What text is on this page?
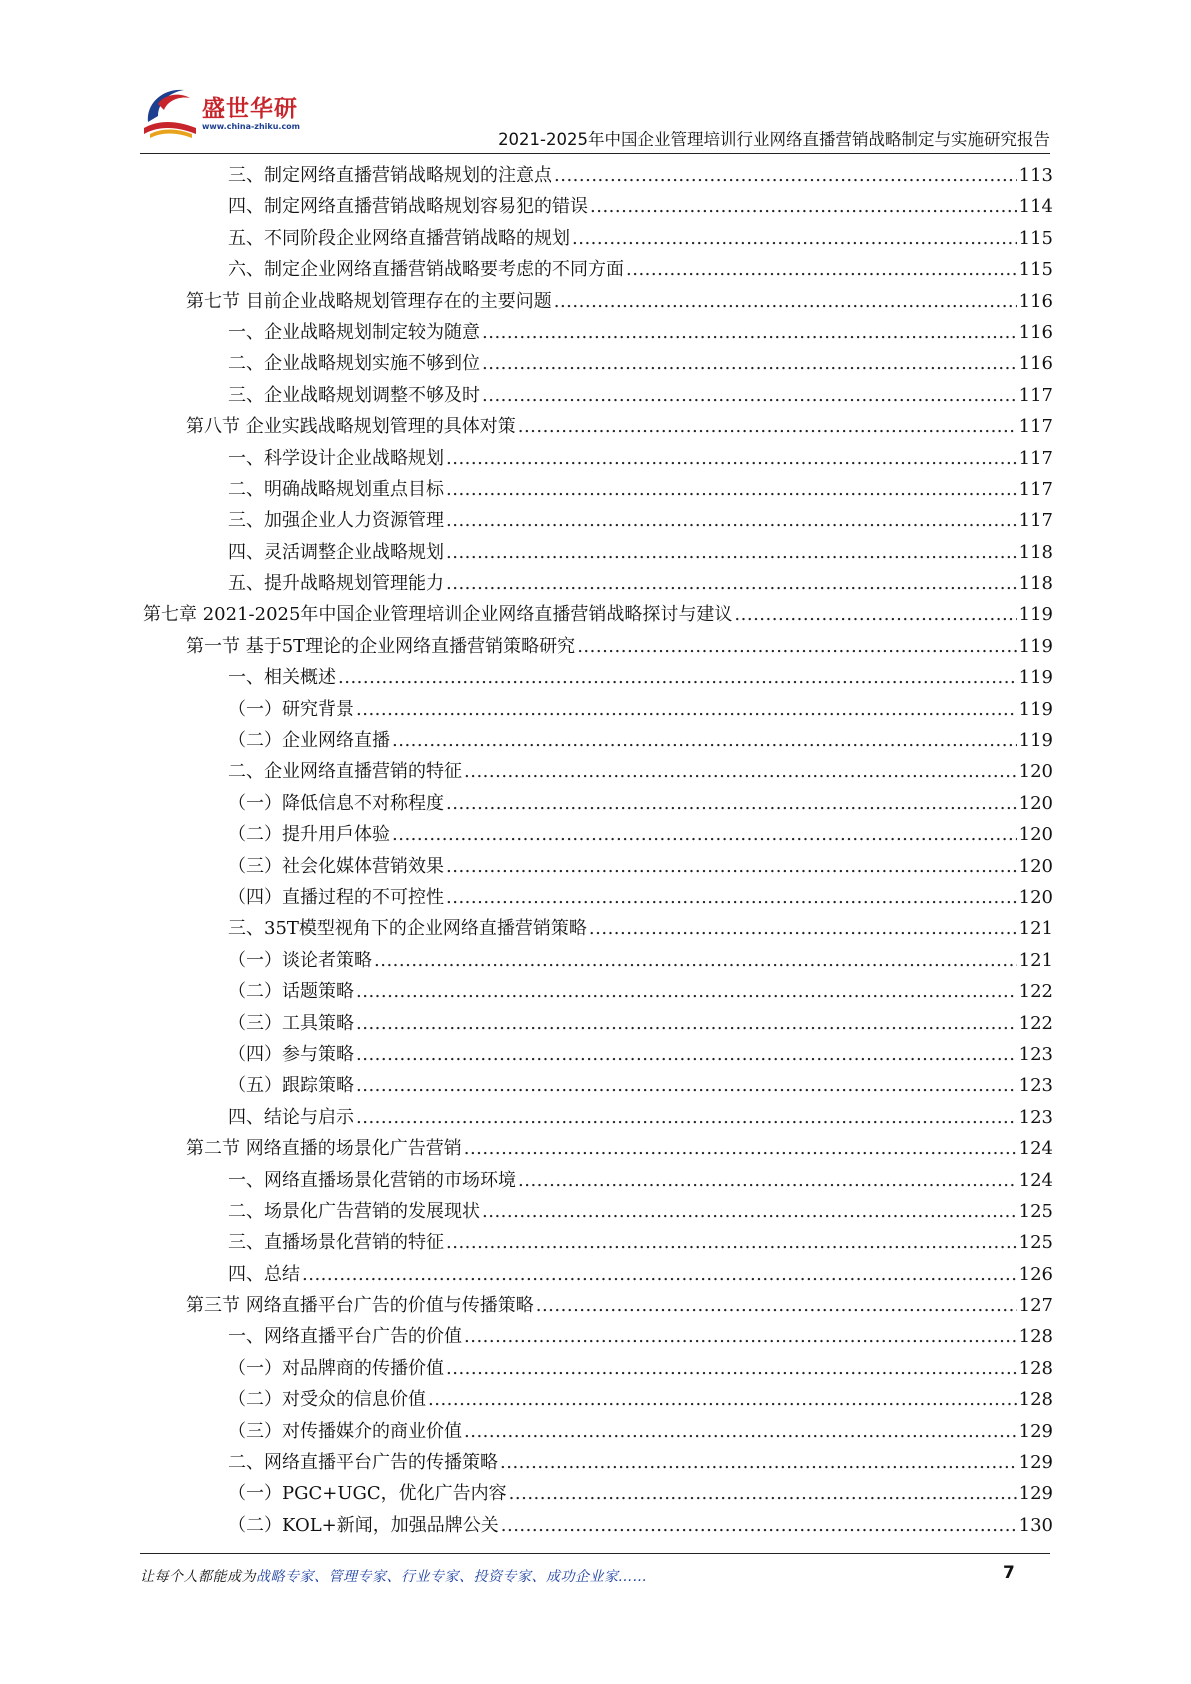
盛世华研
www.china-zhiku.com
2021-2025年中国企业管理培训行业网络直播营销战略制定与实施研究报告
三、制定网络直播营销战略规划的注意点 .....	113
四、制定网络直播营销战略规划容易犯的错误 .....	114
五、不同阶段企业网络直播营销战略的规划 .....	115
六、制定企业网络直播营销战略要考虑的不同方面 .....	115
第七节 目前企业战略规划管理存在的主要问题 .....	116
一、企业战略规划制定较为随意 .....	116
二、企业战略规划实施不够到位 .....	116
三、企业战略规划调整不够及时 .....	117
第八节 企业实践战略规划管理的具体对策 .....	117
一、科学设计企业战略规划 .....	117
二、明确战略规划重点目标 .....	117
三、加强企业人力资源管理 .....	117
四、灵活调整企业战略规划 .....	118
五、提升战略规划管理能力 .....	118
第七章 2021-2025年中国企业管理培训企业网络直播营销战略探讨与建议 .....	119
第一节 基于5T理论的企业网络直播营销策略研究 .....	119
一、相关概述 .....	119
（一）研究背景 .....	119
（二）企业网络直播 .....	119
二、企业网络直播营销的特征 .....	120
（一）降低信息不对称程度 .....	120
（二）提升用戶体验 .....	120
（三）社会化媒体营销效果 .....	120
（四）直播过程的不可控性 .....	120
三、35T模型视角下的企业网络直播营销策略 .....	121
（一）谈论者策略 .....	121
（二）话题策略 .....	122
（三）工具策略 .....	122
（四）参与策略 .....	123
（五）跟踪策略 .....	123
四、结论与启示 .....	123
第二节 网络直播的场景化广告营销 .....	124
一、网络直播场景化营销的市场环境 .....	124
二、场景化广告营销的发展现状 .....	125
三、直播场景化营销的特征 .....	125
四、总结 .....	126
第三节 网络直播平台广告的价值与传播策略 .....	127
一、网络直播平台广告的价值 .....	128
（一）对品牌商的传播价值 .....	128
（二）对受众的信息价值 .....	128
（三）对传播媒介的商业价值 .....	129
二、网络直播平台广告的传播策略 .....	129
（一）PGC+UGC，优化广告内容 .....	129
（二）KOL+新闻，加强品牌公关 .....	130
让每个人都能成为战略专家、管理专家、行业专家、投资专家、成功企业家……	7
